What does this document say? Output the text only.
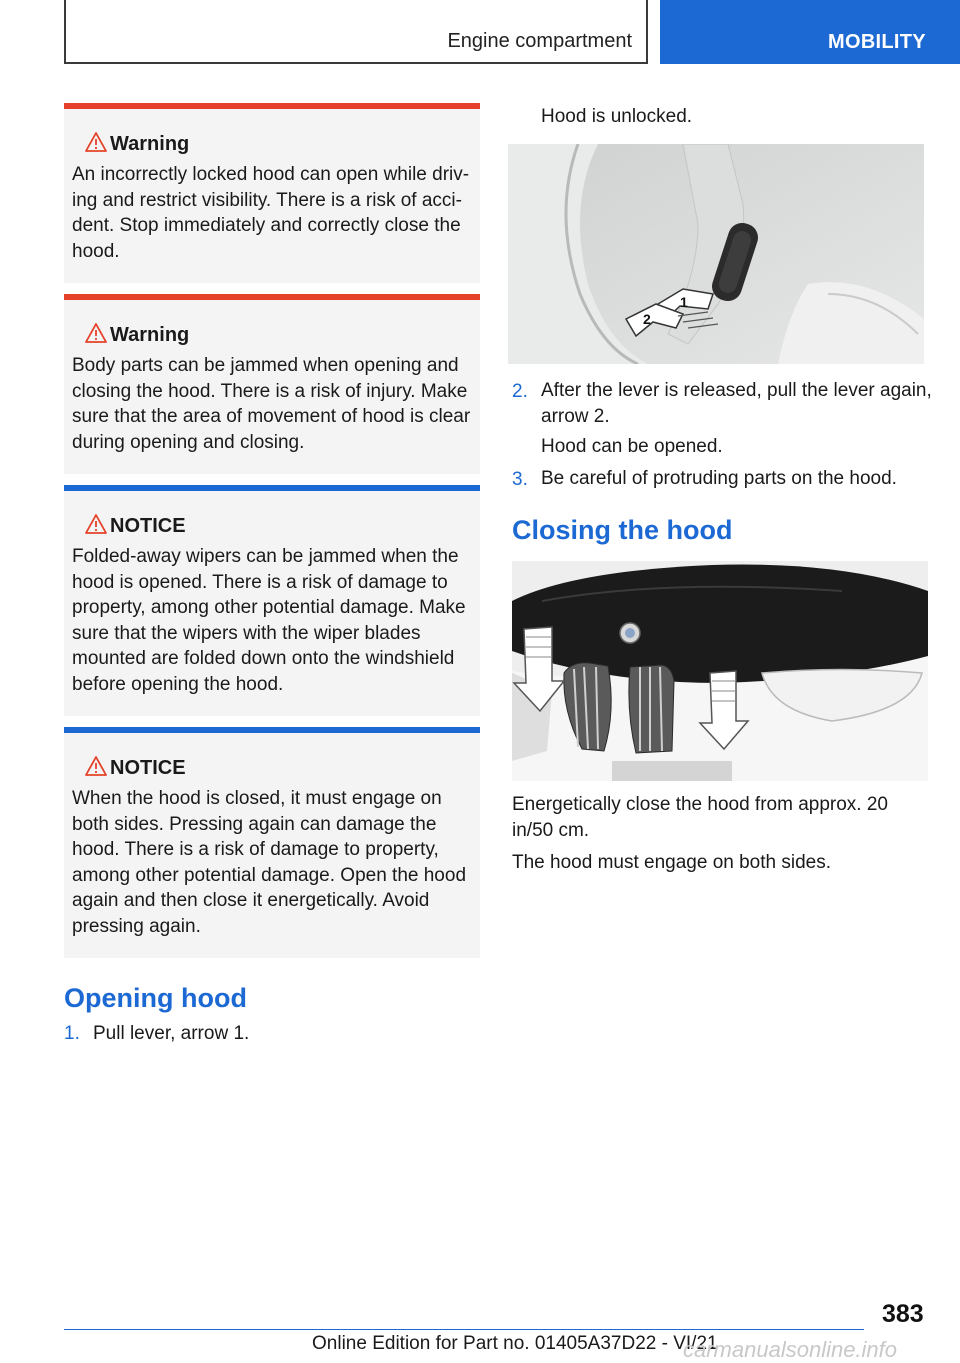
Engine compartment	MOBILITY
Warning
An incorrectly locked hood can open while driv- ing and restrict visibility. There is a risk of acci- dent. Stop immediately and correctly close the hood.
Warning
Body parts can be jammed when opening and closing the hood. There is a risk of injury. Make sure that the area of movement of hood is clear during opening and closing.
NOTICE
Folded-away wipers can be jammed when the hood is opened. There is a risk of damage to property, among other potential damage. Make sure that the wipers with the wiper blades mounted are folded down onto the windshield before opening the hood.
NOTICE
When the hood is closed, it must engage on both sides. Pressing again can damage the hood. There is a risk of damage to property, among other potential damage. Open the hood again and then close it energetically. Avoid pressing again.
Opening hood
1. Pull lever, arrow 1.
Hood is unlocked.
1
2
2. After the lever is released, pull the lever again, arrow 2.
Hood can be opened.
3. Be careful of protruding parts on the hood.
Closing the hood
Energetically close the hood from approx. 20 in/50 cm.
The hood must engage on both sides.
383
Online Edition for Part no. 01405A37D22 - VI/21
carmanualsonline.info
